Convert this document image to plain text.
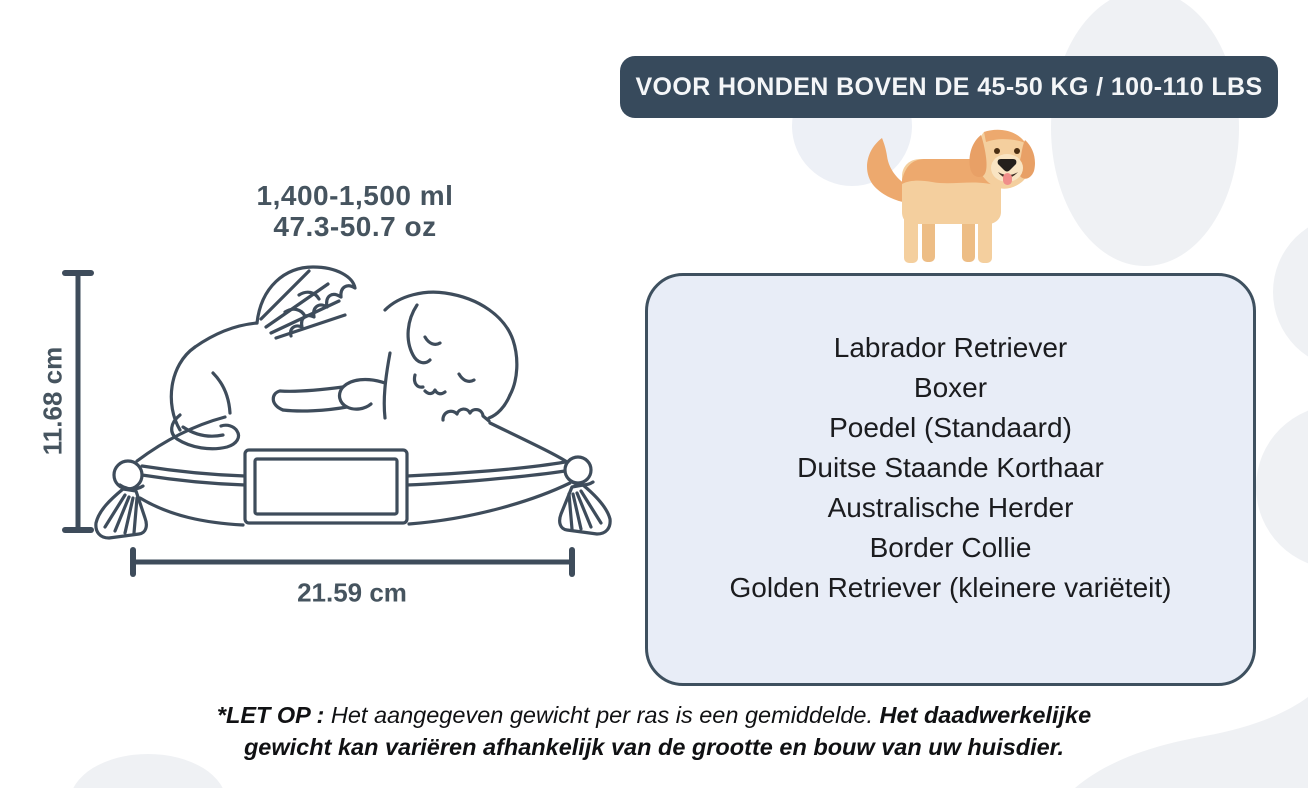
VOOR HONDEN BOVEN DE 45-50 KG / 100-110 LBS
1,400-1,500 ml
47.3-50.7 oz
11.68 cm
21.59 cm
Labrador Retriever
Boxer
Poedel (Standaard)
Duitse Staande Korthaar
Australische Herder
Border Collie
Golden Retriever (kleinere variëteit)
*LET OP : Het aangegeven gewicht per ras is een gemiddelde. Het daadwerkelijke gewicht kan variëren afhankelijk van de grootte en bouw van uw huisdier.
